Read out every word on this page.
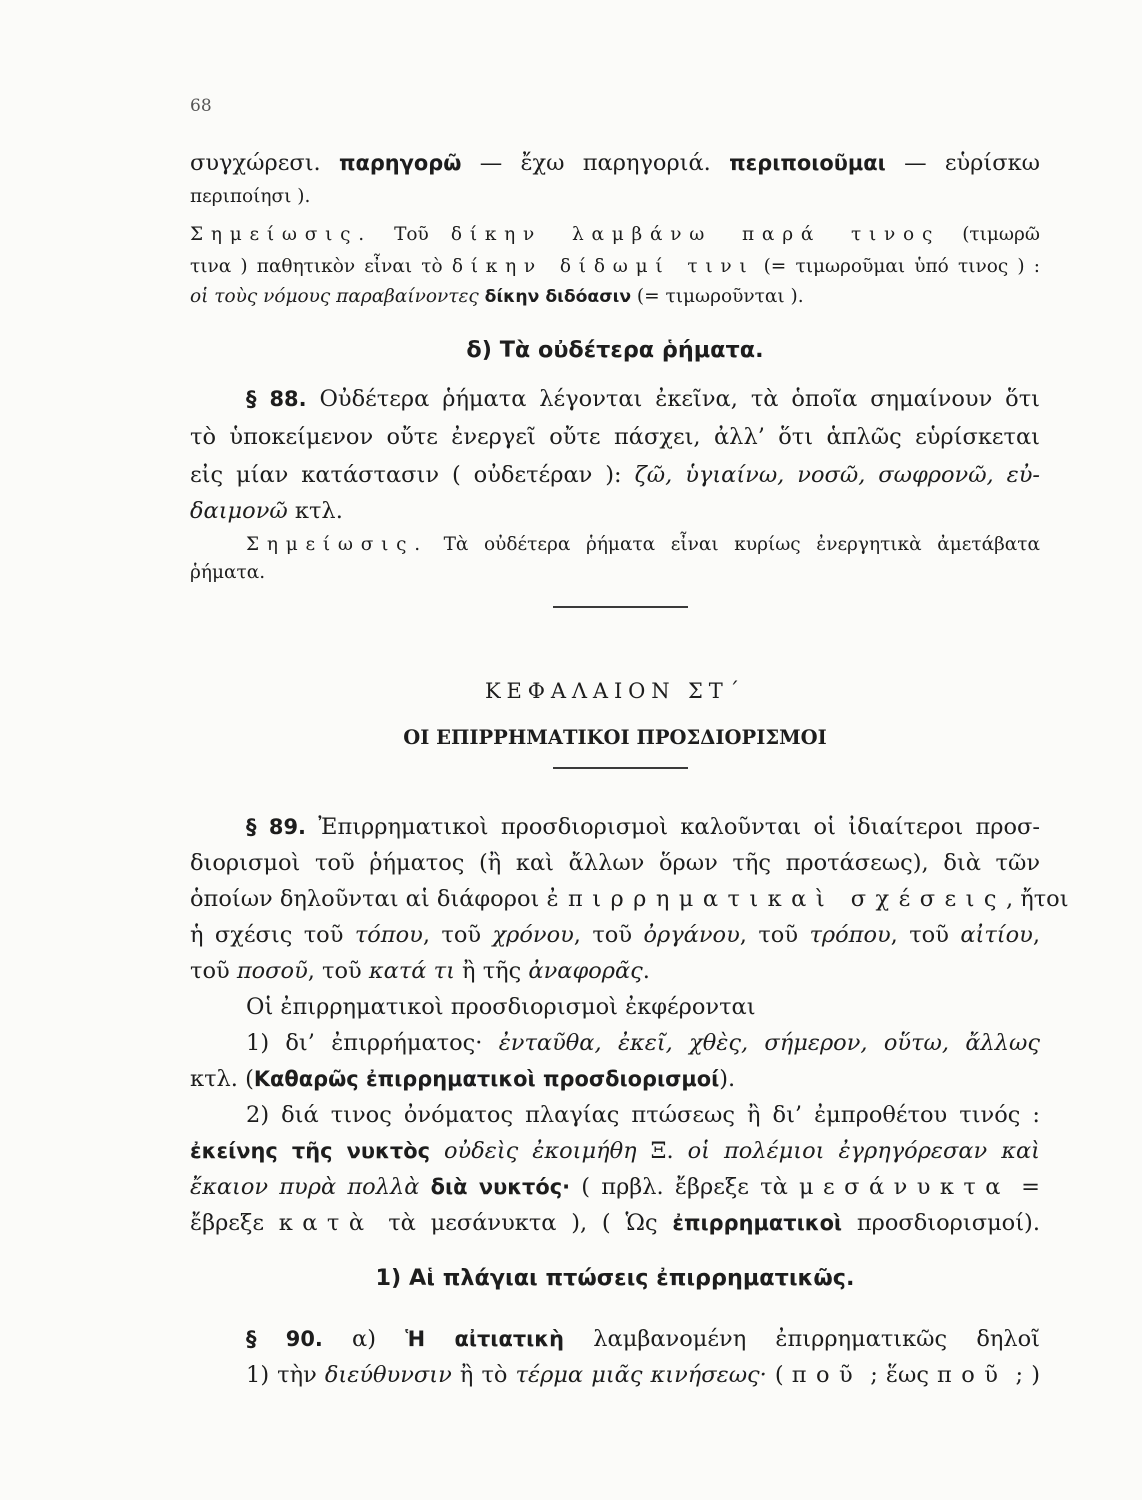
68
συγχώρεσι. παρηγορῶ — ἔχω παρηγοριά. περιποιοῦμαι — εὑρίσκω
περιποίησι ).
Σημείωσις. Τοῦ δίκην λαμβάνω παρά τινος (τιμωρῶ
τινα ) παθητικὸν εἶναι τὸ δίκην δίδωμί τινι (= τιμωροῦμαι ὑπό τινος ) :
οἱ τοὺς νόμους παραβαίνοντες δίκην διδόασιν (= τιμωροῦνται ).
δ) Τὰ οὐδέτερα ῥήματα.
§ 88. Οὐδέτερα ῥήματα λέγονται ἐκεῖνα, τὰ ὁποῖα σημαίνουν ὅτι
τὸ ὑποκείμενον οὔτε ἐνεργεῖ οὔτε πάσχει, ἀλλ’ ὅτι ἁπλῶς εὑρίσκεται
εἰς μίαν κατάστασιν ( οὐδετέραν ): ζῶ, ὑγιαίνω, νοσῶ, σωφρονῶ, εὐ-
δαιμονῶ κτλ.
Σημείωσις. Τὰ οὐδέτερα ῥήματα εἶναι κυρίως ἐνεργητικὰ ἀμετάβατα
ῥήματα.
ΚΕΦΑΛΑΙΟΝ ΣΤ΄
ΟΙ ΕΠΙΡΡΗΜΑΤΙΚΟΙ ΠΡΟΣΔΙΟΡΙΣΜΟΙ
§ 89. Ἐπιρρηματικοὶ προσδιορισμοὶ καλοῦνται οἱ ἰδιαίτεροι προσ-
διορισμοὶ τοῦ ῥήματος (ἢ καὶ ἄλλων ὅρων τῆς προτάσεως), διὰ τῶν
ὁποίων δηλοῦνται αἱ διάφοροι ἐπιρρηματικαὶ σχέσεις, ἤτοι
ἡ σχέσις τοῦ τόπου, τοῦ χρόνου, τοῦ ὀργάνου, τοῦ τρόπου, τοῦ αἰτίου,
τοῦ ποσοῦ, τοῦ κατά τι ἢ τῆς ἀναφορᾶς.
Οἱ ἐπιρρηματικοὶ προσδιορισμοὶ ἐκφέρονται
1) δι’ ἐπιρρήματος· ἐνταῦθα, ἐκεῖ, χθὲς, σήμερον, οὕτω, ἄλλως
κτλ. (Καθαρῶς ἐπιρρηματικοὶ προσδιορισμοί).
2) διά τινος ὀνόματος πλαγίας πτώσεως ἢ δι’ ἐμπροθέτου τινός :
ἐκείνης τῆς νυκτὸς οὐδεὶς ἐκοιμήθη Ξ. οἱ πολέμιοι ἐγρηγόρεσαν καὶ
ἔκαιον πυρὰ πολλὰ διὰ νυκτός· ( πρβλ. ἔβρεξε τὰ μεσάνυκτα =
ἔβρεξε κατὰ τὰ μεσάνυκτα ), ( Ὡς ἐπιρρηματικοὶ προσδιορισμοί).
1) Αἱ πλάγιαι πτώσεις ἐπιρρηματικῶς.
§ 90. α) Ἡ αἰτιατικὴ λαμβανομένη ἐπιρρηματικῶς δηλοῖ
1) τὴν διεύθυνσιν ἢ τὸ τέρμα μιᾶς κινήσεως· ( ποῦ ; ἕως ποῦ ; )
